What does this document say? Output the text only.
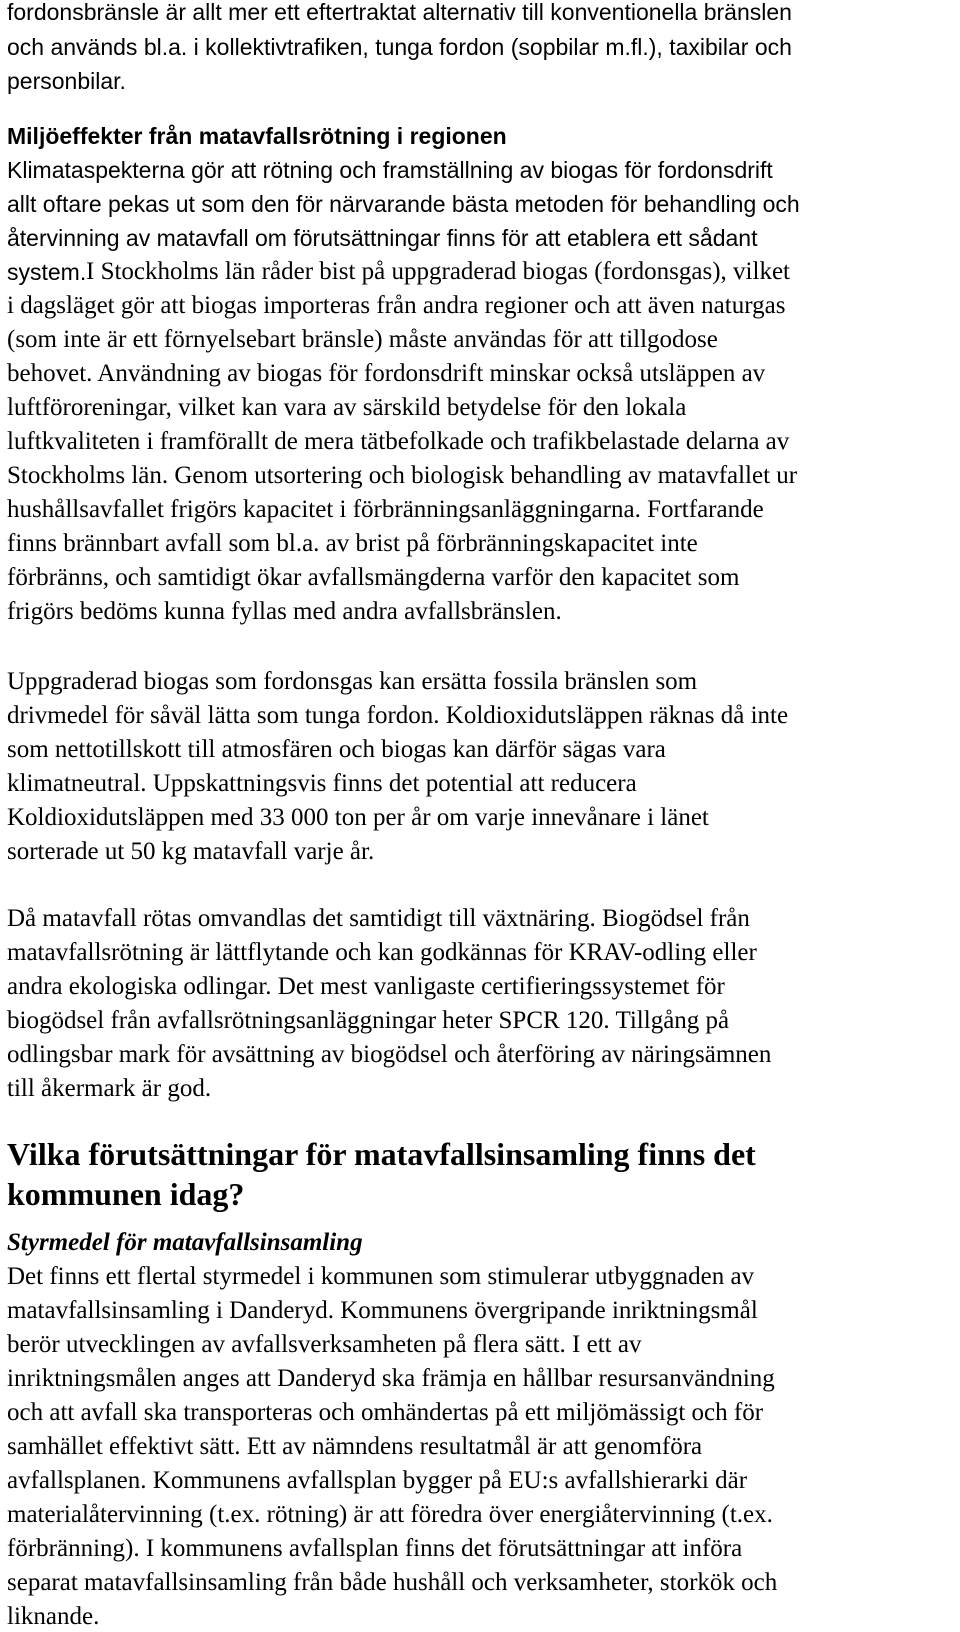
fordonsbränsle är allt mer ett eftertraktat alternativ till konventionella bränslen
och används bl.a. i kollektivtrafiken, tunga fordon (sopbilar m.fl.), taxibilar och
personbilar.
Miljöeffekter från matavfallsrötning i regionen
Klimataspekterna gör att rötning och framställning av biogas för fordonsdrift
allt oftare pekas ut som den för närvarande bästa metoden för behandling och
återvinning av matavfall om förutsättningar finns för att etablera ett sådant
system. I Stockholms län råder bist på uppgraderad biogas (fordonsgas), vilket
i dagsläget gör att biogas importeras från andra regioner och att även naturgas
(som inte är ett förnyelsebart bränsle) måste användas för att tillgodose
behovet. Användning av biogas för fordonsdrift minskar också utsläppen av
luftföroreningar, vilket kan vara av särskild betydelse för den lokala
luftkvaliteten i framförallt de mera tätbefolkade och trafikbelastade delarna av
Stockholms län. Genom utsortering och biologisk behandling av matavfallet ur
hushållsavfallet frigörs kapacitet i förbränningsanläggningarna. Fortfarande
finns brännbart avfall som bl.a. av brist på förbränningskapacitet inte
förbränns, och samtidigt ökar avfallsmängderna varför den kapacitet som
frigörs bedöms kunna fyllas med andra avfallsbränslen.
Uppgraderad biogas som fordonsgas kan ersätta fossila bränslen som
drivmedel för såväl lätta som tunga fordon. Koldioxidutsläppen räknas då inte
som nettotillskott till atmosfären och biogas kan därför sägas vara
klimatneutral. Uppskattningsvis finns det potential att reducera
Koldioxidutsläppen med 33 000 ton per år om varje innevånare i länet
sorterade ut 50 kg matavfall varje år.
Då matavfall rötas omvandlas det samtidigt till växtnäring. Biogödsel från
matavfallsrötning är lättflytande och kan godkännas för KRAV-odling eller
andra ekologiska odlingar. Det mest vanligaste certifieringssystemet för
biogödsel från avfallsrötningsanläggningar heter SPCR 120. Tillgång på
odlingsbar mark för avsättning av biogödsel och återföring av näringsämnen
till åkermark är god.
Vilka förutsättningar för matavfallsinsamling finns det
kommunen idag?
Styrmedel för matavfallsinsamling
Det finns ett flertal styrmedel i kommunen som stimulerar utbyggnaden av
matavfallsinsamling i Danderyd. Kommunens övergripande inriktningsmål
berör utvecklingen av avfallsverksamheten på flera sätt. I ett av
inriktningsmålen anges att Danderyd ska främja en hållbar resursanvändning
och att avfall ska transporteras och omhändertas på ett miljömässigt och för
samhället effektivt sätt. Ett av nämndens resultatmål är att genomföra
avfallsplanen. Kommunens avfallsplan bygger på EU:s avfallshierarki där
materialåtervinning (t.ex. rötning) är att föredra över energiåtervinning (t.ex.
förbränning). I kommunens avfallsplan finns det förutsättningar att införa
separat matavfallsinsamling från både hushåll och verksamheter, storkök och
liknande.
